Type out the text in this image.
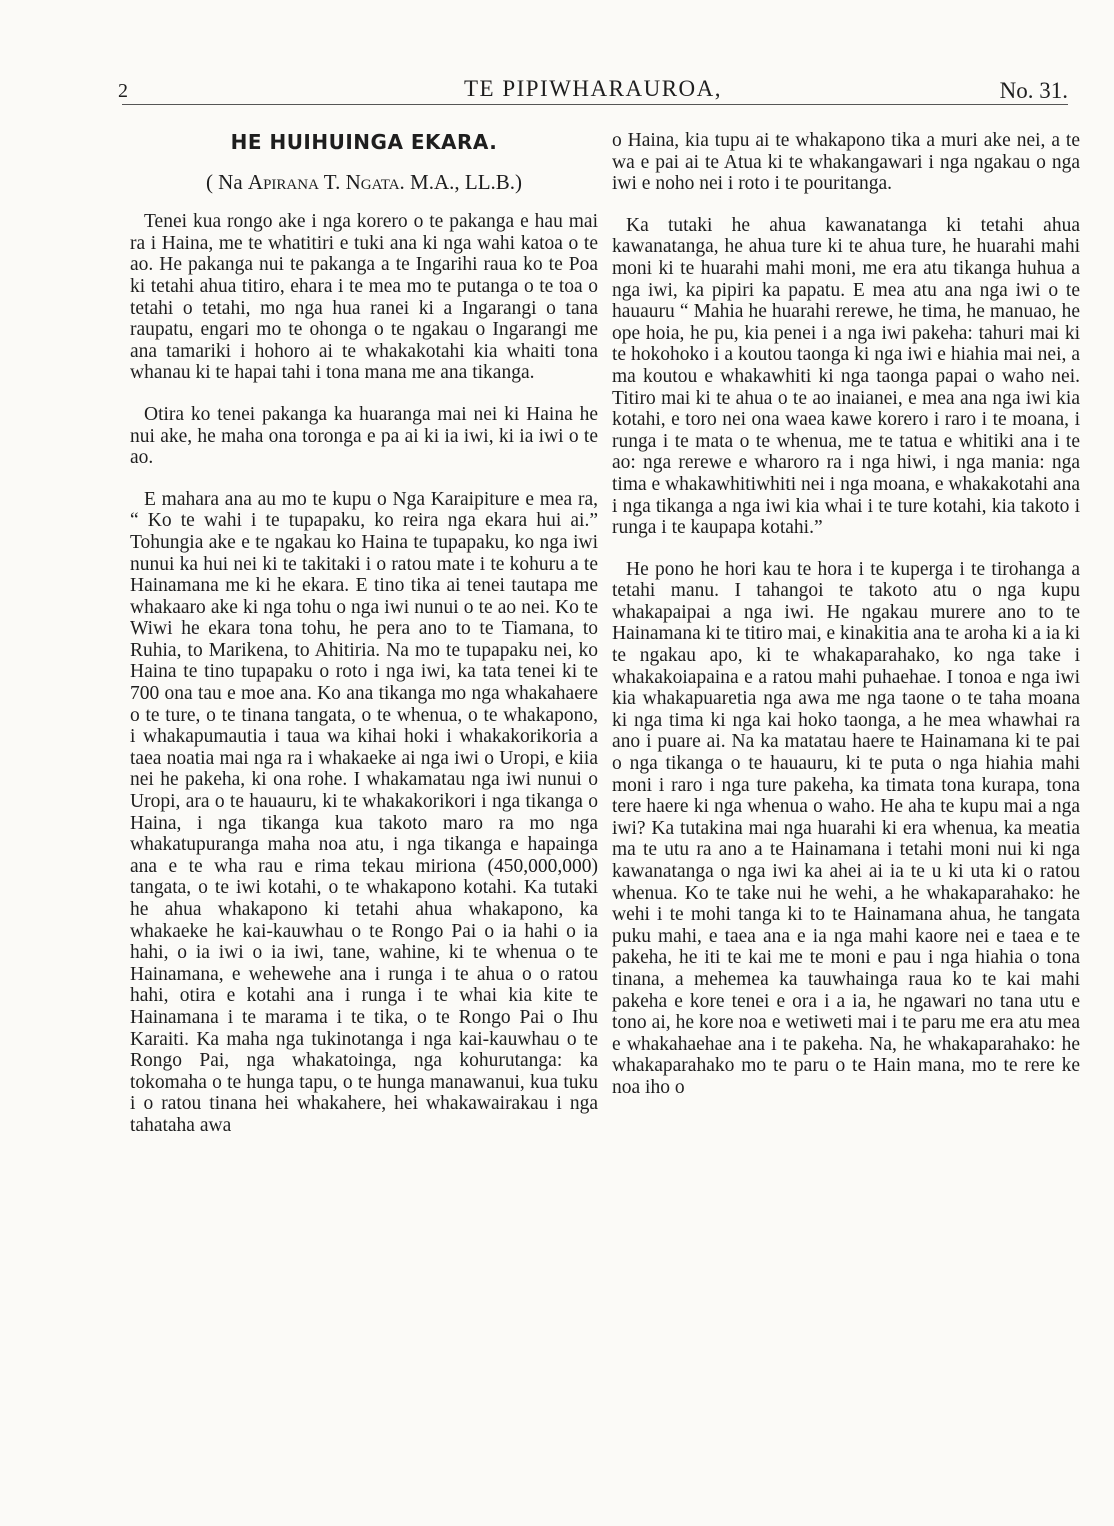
2	TE PIPIWHARAUROA,	No. 31.
HE HUIHUINGA EKARA.
( Na Apirana T. Ngata. M.A., LL.B.)

Tenei kua rongo ake i nga korero o te pakanga e hau mai ra i Haina, me te whatitiri e tuki ana ki nga wahi katoa o te ao. He pakanga nui te pakanga a te Ingarihi raua ko te Poa ki tetahi ahua titiro, ehara i te mea mo te putanga o te toa o tetahi o tetahi, mo nga hua ranei ki a Ingarangi o tana raupatu, engari mo te ohonga o te ngakau o Ingarangi me ana tamariki i hohoro ai te whakakotahi kia whaiti tona whanau ki te hapai tahi i tona mana me ana tikanga.

Otira ko tenei pakanga ka huaranga mai nei ki Haina he nui ake, he maha ona toronga e pa ai ki ia iwi, ki ia iwi o te ao.

E mahara ana au mo te kupu o Nga Karaipiture e mea ra, “ Ko te wahi i te tupapaku, ko reira nga ekara hui ai.” Tohungia ake e te ngakau ko Haina te tupapaku, ko nga iwi nunui ka hui nei ki te takitaki i o ratou mate i te kohuru a te Hainamana me ki he ekara. E tino tika ai tenei tautapa me whakaaro ake ki nga tohu o nga iwi nunui o te ao nei. Ko te Wiwi he ekara tona tohu, he pera ano to te Tiamana, to Ruhia, to Marikena, to Ahitiria. Na mo te tupapaku nei, ko Haina te tino tupapaku o roto i nga iwi, ka tata tenei ki te 700 ona tau e moe ana. Ko ana tikanga mo nga whakahaere o te ture, o te tinana tangata, o te whenua, o te whakapono, i whakapumautia i taua wa kihai hoki i whakakorikoria a taea noatia mai nga ra i whakaeke ai nga iwi o Uropi, e kiia nei he pakeha, ki ona rohe. I whakamatau nga iwi nunui o Uropi, ara o te hauauru, ki te whakakorikori i nga tikanga o Haina, i nga tikanga kua takoto maro ra mo nga whakatupuranga maha noa atu, i nga tikanga e hapainga ana e te wha rau e rima tekau miriona (450,000,000) tangata, o te iwi kotahi, o te whakapono kotahi. Ka tutaki he ahua whakapono ki tetahi ahua whakapono, ka whakaeke he kai-kauwhau o te Rongo Pai o ia hahi o ia hahi, o ia iwi o ia iwi, tane, wahine, ki te whenua o te Hainamana, e wehewehe ana i runga i te ahua o o ratou hahi, otira e kotahi ana i runga i te whai kia kite te Hainamana i te marama i te tika, o te Rongo Pai o Ihu Karaiti. Ka maha nga tukinotanga i nga kai-kauwhau o te Rongo Pai, nga whakatoinga, nga kohurutanga: ka tokomaha o te hunga tapu, o te hunga manawanui, kua tuku i o ratou tinana hei whakahere, hei whakawairakau i nga tahataha awa

o Haina, kia tupu ai te whakapono tika a muri ake nei, a te wa e pai ai te Atua ki te whakangawari i nga ngakau o nga iwi e noho nei i roto i te pouritanga.

Ka tutaki he ahua kawanatanga ki tetahi ahua kawanatanga, he ahua ture ki te ahua ture, he huarahi mahi moni ki te huarahi mahi moni, me era atu tikanga huhua a nga iwi, ka pipiri ka papatu. E mea atu ana nga iwi o te hauauru “ Mahia he huarahi rerewe, he tima, he manuao, he ope hoia, he pu, kia penei i a nga iwi pakeha: tahuri mai ki te hokohoko i a koutou taonga ki nga iwi e hiahia mai nei, a ma koutou e whakawhiti ki nga taonga papai o waho nei. Titiro mai ki te ahua o te ao inaianei, e mea ana nga iwi kia kotahi, e toro nei ona waea kawe korero i raro i te moana, i runga i te mata o te whenua, me te tatua e whitiki ana i te ao: nga rerewe e wharoro ra i nga hiwi, i nga mania: nga tima e whakawhitiwhiti nei i nga moana, e whakakotahi ana i nga tikanga a nga iwi kia whai i te ture kotahi, kia takoto i runga i te kaupapa kotahi.”

He pono he hori kau te hora i te kuperga i te tirohanga a tetahi manu. I tahangoi te takoto atu o nga kupu whakapaipai a nga iwi. He ngakau murere ano to te Hainamana ki te titiro mai, e kinakitia ana te aroha ki a ia ki te ngakau apo, ki te whakaparahako, ko nga take i whakakoiapaina e a ratou mahi puhaehae. I tonoa e nga iwi kia whakapuaretia nga awa me nga taone o te taha moana ki nga tima ki nga kai hoko taonga, a he mea whawhai ra ano i puare ai. Na ka matatau haere te Hainamana ki te pai o nga tikanga o te hauauru, ki te puta o nga hiahia mahi moni i raro i nga ture pakeha, ka timata tona kurapa, tona tere haere ki nga whenua o waho. He aha te kupu mai a nga iwi? Ka tutakina mai nga huarahi ki era whenua, ka meatia ma te utu ra ano a te Hainamana i tetahi moni nui ki nga kawanatanga o nga iwi ka ahei ai ia te u ki uta ki o ratou whenua. Ko te take nui he wehi, a he whakaparahako: he wehi i te mohi tanga ki to te Hainamana ahua, he tangata puku mahi, e taea ana e ia nga mahi kaore nei e taea e te pakeha, he iti te kai me te moni e pau i nga hiahia o tona tinana, a mehemea ka tauwhainga raua ko te kai mahi pakeha e kore tenei e ora i a ia, he ngawari no tana utu e tono ai, he kore noa e wetiweti mai i te paru me era atu mea e whakahaehae ana i te pakeha. Na, he whakaparahako: he whakaparahako mo te paru o te Hain mana, mo te rere ke noa iho o
